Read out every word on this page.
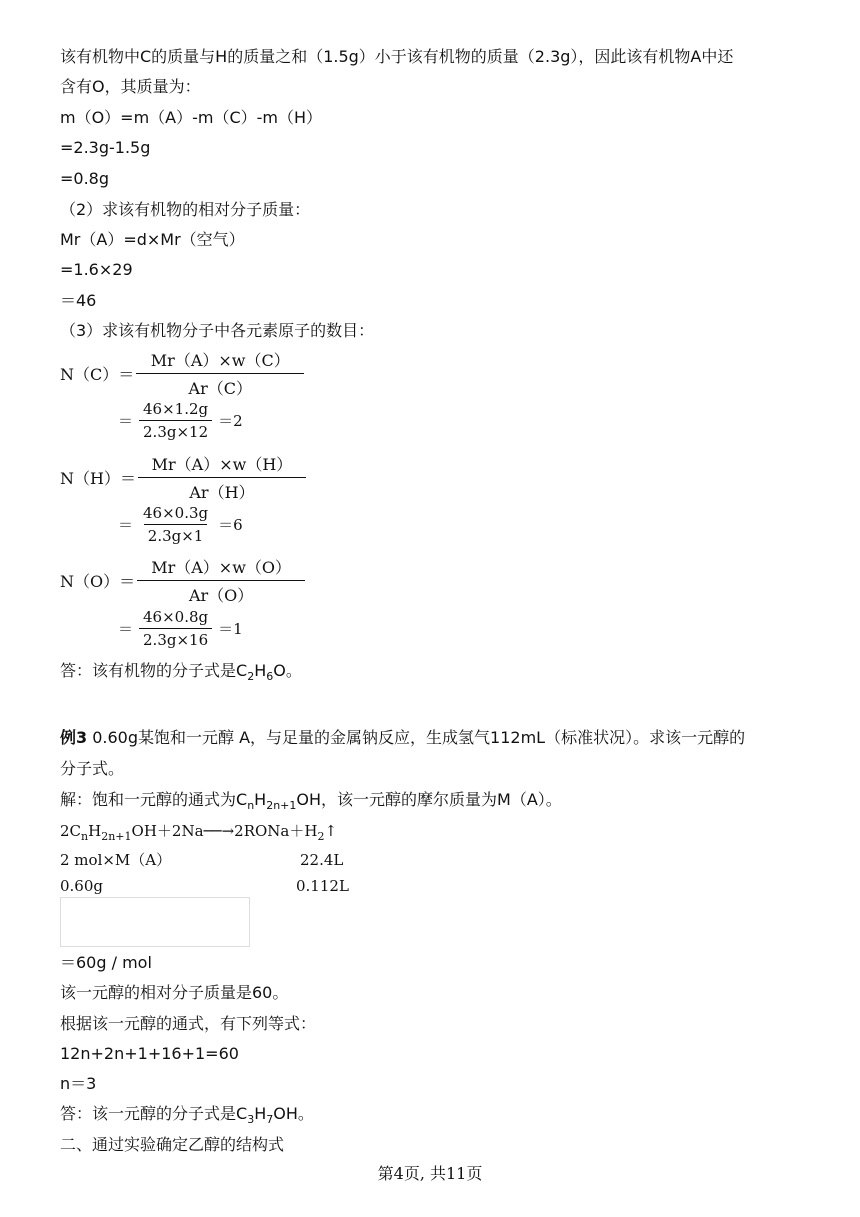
该有机物中C的质量与H的质量之和（1.5g）小于该有机物的质量（2.3g），因此该有机物A中还
含有O，其质量为：
m（O）=m（A）-m（C）-m（H）
=2.3g-1.5g
=0.8g
（2）求该有机物的相对分子质量：
Mr（A）=d×Mr（空气）
=1.6×29
＝46
（3）求该有机物分子中各元素原子的数目：
$N(C)= \frac{Mr(A)\times w(C)}{Ar(C)}$
＝ $\frac{46\times 1.2g}{2.3g\times 12} =2$
$N(H)= \frac{Mr(A)\times w(H)}{Ar(H)}$
＝ $\frac{46\times 0.3g}{2.3g\times 1} =6$
$N(O)= \frac{Mr(A)\times w(O)}{Ar(O)}$
＝ $\frac{46\times 0.8g}{2.3g\times 16} =1$
答：该有机物的分子式是$C_2H_6O$。
例3 0.60g某饱和一元醇 A，与足量的金属钠反应，生成氢气112mL（标准状况）。求该一元醇的
分子式。
解：饱和一元醇的通式为$C_nH_{2n+1}OH$，该一元醇的摩尔质量为M（A）。
$2C_nH_{2n+1}OH+2Na──\to 2RONa+H_2↑$
2 mol×M（A）	22.4L
0.60g	0.112L
＝60g / mol
该一元醇的相对分子质量是60。
根据该一元醇的通式，有下列等式：
12n+2n+1+16+1=60
n＝3
答：该一元醇的分子式是$C_3H_7OH$。
二、通过实验确定乙醇的结构式
第4页, 共11页
